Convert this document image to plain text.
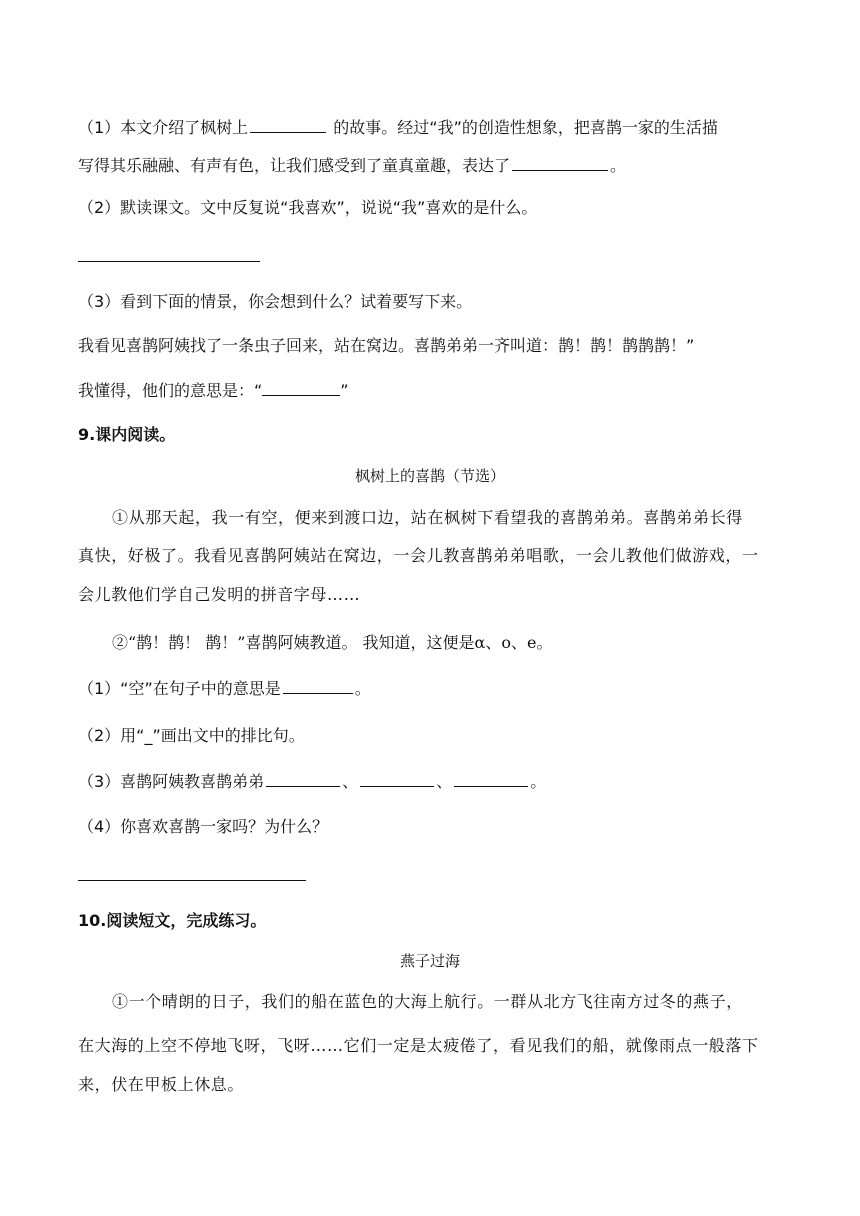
（1）本文介绍了枫树上	的故事。经过“我”的创造性想象，把喜鹊一家的生活描
写得其乐融融、有声有色，让我们感受到了童真童趣，表达了	。
（2）默读课文。文中反复说“我喜欢”，说说“我”喜欢的是什么。
（3）看到下面的情景，你会想到什么？试着要写下来。
我看见喜鹊阿姨找了一条虫子回来，站在窝边。喜鹊弟弟一齐叫道：鹊！鹊！鹊鹊鹊！”
我懂得，他们的意思是：“	”
9.课内阅读。
枫树上的喜鹊（节选）
①从那天起，我一有空，便来到渡口边，站在枫树下看望我的喜鹊弟弟。喜鹊弟弟长得
真快，好极了。我看见喜鹊阿姨站在窝边，一会儿教喜鹊弟弟唱歌，一会儿教他们做游戏，一
会儿教他们学自己发明的拼音字母……
②“鹊！鹊！ 鹊！”喜鹊阿姨教道。 我知道，这便是α、o、e。
（1）“空”在句子中的意思是	。
（2）用“_”画出文中的排比句。
（3）喜鹊阿姨教喜鹊弟弟	、	、	。
（4）你喜欢喜鹊一家吗？为什么？
10.阅读短文，完成练习。
燕子过海
①一个晴朗的日子，我们的船在蓝色的大海上航行。一群从北方飞往南方过冬的燕子，
在大海的上空不停地飞呀，飞呀……它们一定是太疲倦了，看见我们的船，就像雨点一般落下
来，伏在甲板上休息。
